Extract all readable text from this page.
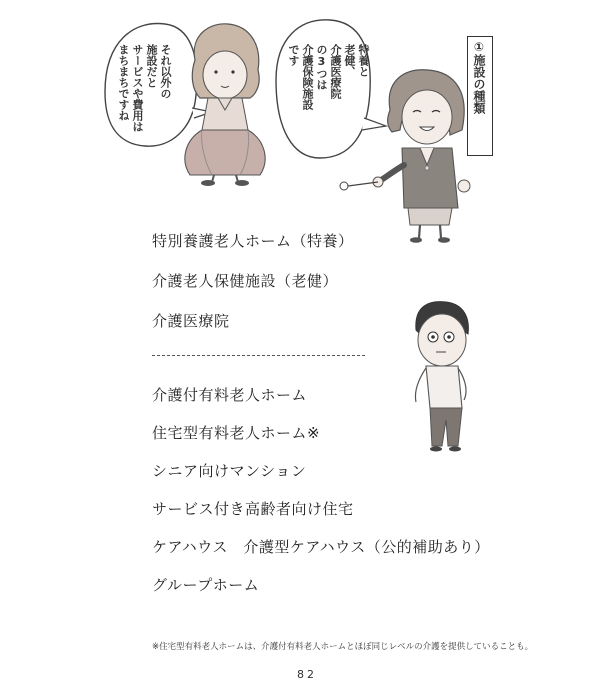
それ以外の
施設だと
サービスや費用は
まちまちですね	特養と
老健、
介護医療院
の3つは
介護保険施設
です	①施設の種類
特別養護老人ホーム（特養）
介護老人保健施設（老健）
介護医療院
介護付有料老人ホーム
住宅型有料老人ホーム※
シニア向けマンション
サービス付き高齢者向け住宅
ケアハウス　介護型ケアハウス（公的補助あり）
グループホーム
※住宅型有料老人ホームは、介護付有料老人ホームとほぼ同じレベルの介護を提供していることも。
82
